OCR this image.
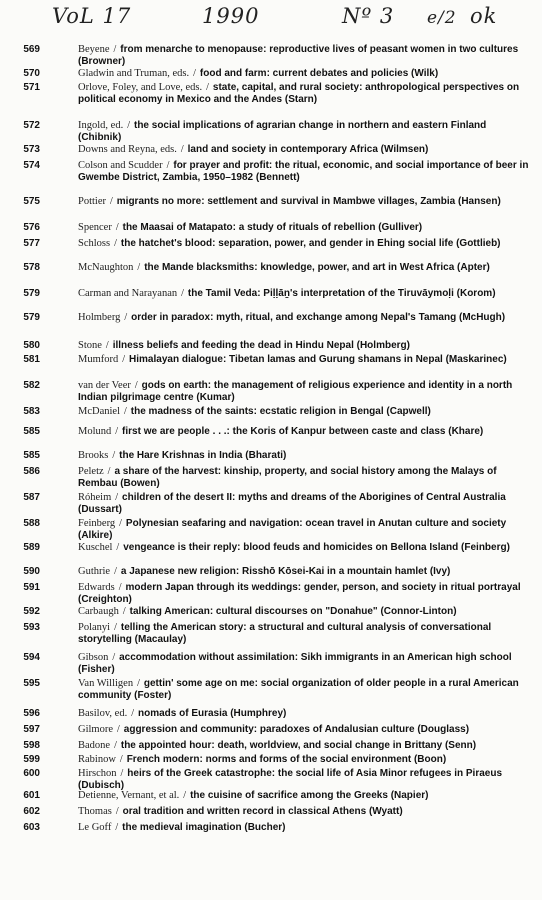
VoL 17	1990	Nº 3 e/2 ok
569	Beyene / from menarche to menopause: reproductive lives of peasant women in two cultures (Browner)
570	Gladwin and Truman, eds. / food and farm: current debates and policies (Wilk)
571	Orlove, Foley, and Love, eds. / state, capital, and rural society: anthropological perspectives on political economy in Mexico and the Andes (Starn)
572	Ingold, ed. / the social implications of agrarian change in northern and eastern Finland (Chibnik)
573	Downs and Reyna, eds. / land and society in contemporary Africa (Wilmsen)
574	Colson and Scudder / for prayer and profit: the ritual, economic, and social importance of beer in Gwembe District, Zambia, 1950–1982 (Bennett)
575	Pottier / migrants no more: settlement and survival in Mambwe villages, Zambia (Hansen)
576	Spencer / the Maasai of Matapato: a study of rituals of rebellion (Gulliver)
577	Schloss / the hatchet's blood: separation, power, and gender in Ehing social life (Gottlieb)
578	McNaughton / the Mande blacksmiths: knowledge, power, and art in West Africa (Apter)
579	Carman and Narayanan / the Tamil Veda: Piḷḷāṉ's interpretation of the Tiruvāymoḷi (Korom)
579	Holmberg / order in paradox: myth, ritual, and exchange among Nepal's Tamang (McHugh)
580	Stone / illness beliefs and feeding the dead in Hindu Nepal (Holmberg)
581	Mumford / Himalayan dialogue: Tibetan lamas and Gurung shamans in Nepal (Maskarinec)
582	van der Veer / gods on earth: the management of religious experience and identity in a north Indian pilgrimage centre (Kumar)
583	McDaniel / the madness of the saints: ecstatic religion in Bengal (Capwell)
585	Molund / first we are people . . .: the Koris of Kanpur between caste and class (Khare)
585	Brooks / the Hare Krishnas in India (Bharati)
586	Peletz / a share of the harvest: kinship, property, and social history among the Malays of Rembau (Bowen)
587	Róheim / children of the desert II: myths and dreams of the Aborigines of Central Australia (Dussart)
588	Feinberg / Polynesian seafaring and navigation: ocean travel in Anutan culture and society (Alkire)
589	Kuschel / vengeance is their reply: blood feuds and homicides on Bellona Island (Feinberg)
590	Guthrie / a Japanese new religion: Risshō Kōsei-Kai in a mountain hamlet (Ivy)
591	Edwards / modern Japan through its weddings: gender, person, and society in ritual portrayal (Creighton)
592	Carbaugh / talking American: cultural discourses on "Donahue" (Connor-Linton)
593	Polanyi / telling the American story: a structural and cultural analysis of conversational storytelling (Macaulay)
594	Gibson / accommodation without assimilation: Sikh immigrants in an American high school (Fisher)
595	Van Willigen / gettin' some age on me: social organization of older people in a rural American community (Foster)
596	Basilov, ed. / nomads of Eurasia (Humphrey)
597	Gilmore / aggression and community: paradoxes of Andalusian culture (Douglass)
598	Badone / the appointed hour: death, worldview, and social change in Brittany (Senn)
599	Rabinow / French modern: norms and forms of the social environment (Boon)
600	Hirschon / heirs of the Greek catastrophe: the social life of Asia Minor refugees in Piraeus (Dubisch)
601	Detienne, Vernant, et al. / the cuisine of sacrifice among the Greeks (Napier)
602	Thomas / oral tradition and written record in classical Athens (Wyatt)
603	Le Goff / the medieval imagination (Bucher)
